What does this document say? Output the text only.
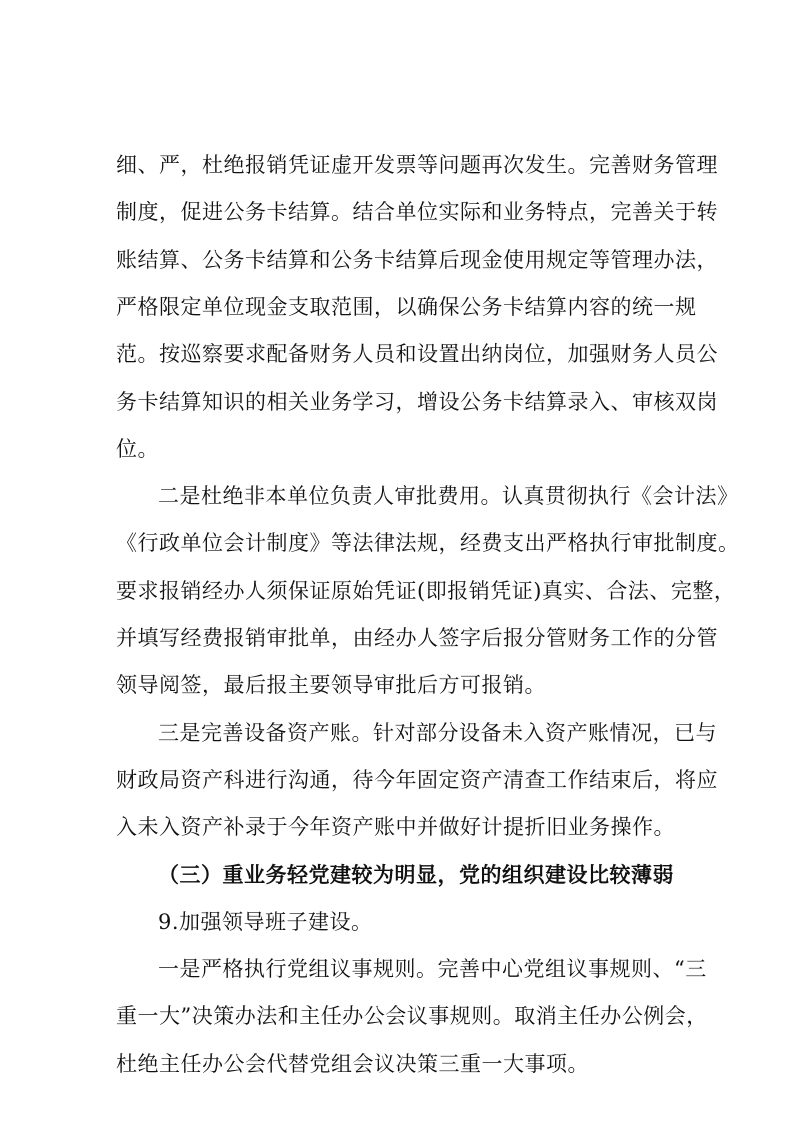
细、严，杜绝报销凭证虚开发票等问题再次发生。完善财务管理
制度，促进公务卡结算。结合单位实际和业务特点，完善关于转
账结算、公务卡结算和公务卡结算后现金使用规定等管理办法，
严格限定单位现金支取范围，以确保公务卡结算内容的统一规
范。按巡察要求配备财务人员和设置出纳岗位，加强财务人员公
务卡结算知识的相关业务学习，增设公务卡结算录入、审核双岗
位。
二是杜绝非本单位负责人审批费用。认真贯彻执行《会计法》
《行政单位会计制度》等法律法规，经费支出严格执行审批制度。
要求报销经办人须保证原始凭证(即报销凭证)真实、合法、完整，
并填写经费报销审批单，由经办人签字后报分管财务工作的分管
领导阅签，最后报主要领导审批后方可报销。
三是完善设备资产账。针对部分设备未入资产账情况，已与
财政局资产科进行沟通，待今年固定资产清查工作结束后，将应
入未入资产补录于今年资产账中并做好计提折旧业务操作。
（三）重业务轻党建较为明显，党的组织建设比较薄弱
9.加强领导班子建设。
一是严格执行党组议事规则。完善中心党组议事规则、“三
重一大”决策办法和主任办公会议事规则。取消主任办公例会，
杜绝主任办公会代替党组会议决策三重一大事项。
